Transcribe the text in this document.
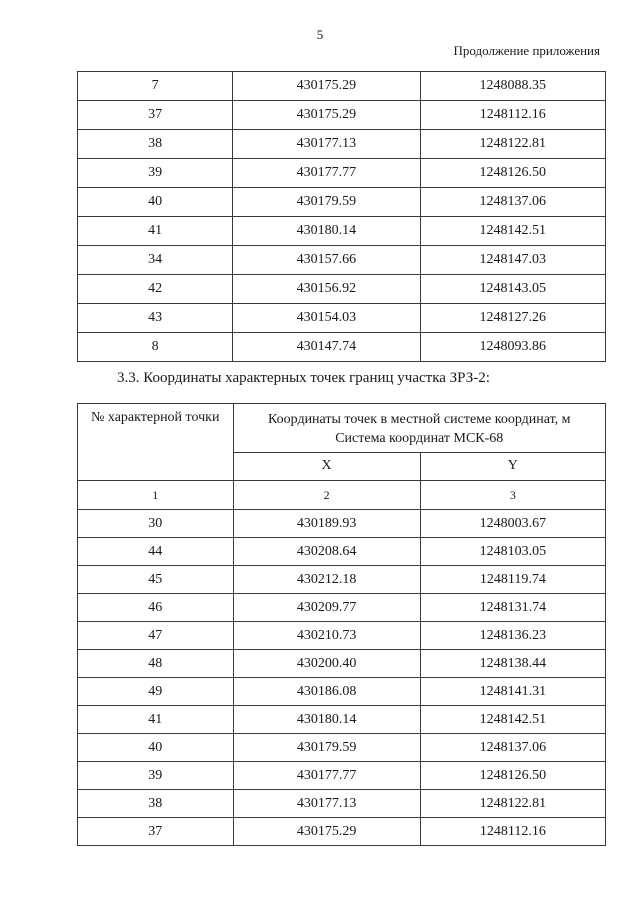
5
Продолжение приложения
7	430175.29	1248088.35
37	430175.29	1248112.16
38	430177.13	1248122.81
39	430177.77	1248126.50
40	430179.59	1248137.06
41	430180.14	1248142.51
34	430157.66	1248147.03
42	430156.92	1248143.05
43	430154.03	1248127.26
8	430147.74	1248093.86
3.3. Координаты характерных точек границ участка ЗРЗ-2:
№ характерной точки	Координаты точек в местной системе координат, м
Система координат МСК-68	

	X	Y
1	2	3
30	430189.93	1248003.67
44	430208.64	1248103.05
45	430212.18	1248119.74
46	430209.77	1248131.74
47	430210.73	1248136.23
48	430200.40	1248138.44
49	430186.08	1248141.31
41	430180.14	1248142.51
40	430179.59	1248137.06
39	430177.77	1248126.50
38	430177.13	1248122.81
37	430175.29	1248112.16
